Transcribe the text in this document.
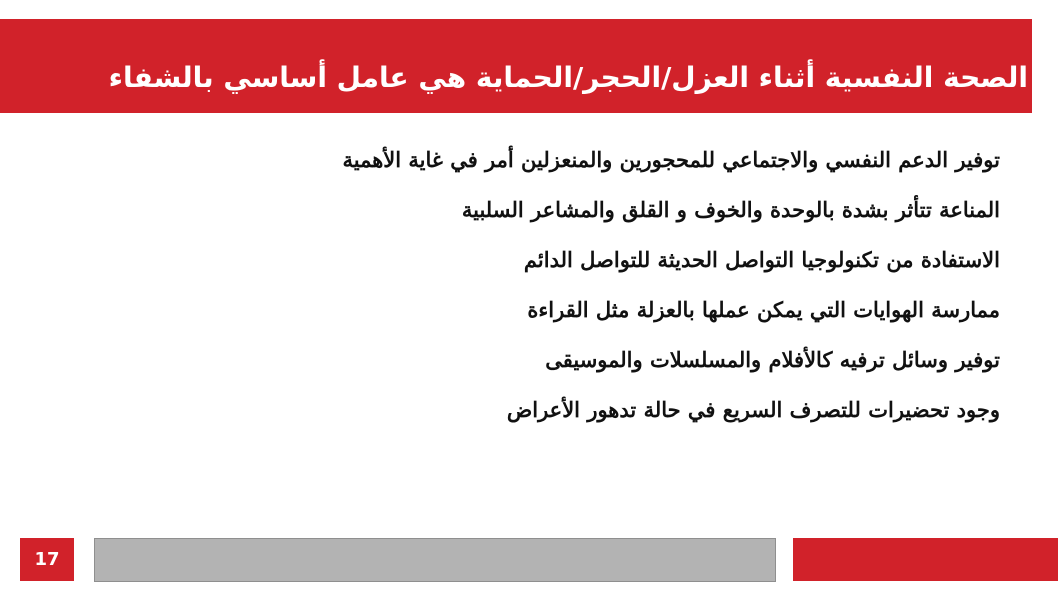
الصحة النفسية أثناء العزل/الحجر/الحماية هي عامل أساسي بالشفاء
توفير الدعم النفسي والاجتماعي للمحجورين والمنعزلين أمر في غاية الأهمية
المناعة تتأثر بشدة بالوحدة والخوف و القلق والمشاعر السلبية
الاستفادة من تكنولوجيا التواصل الحديثة للتواصل الدائم
ممارسة الهوايات التي يمكن عملها بالعزلة مثل القراءة
توفير وسائل ترفيه كالأفلام والمسلسلات والموسيقى
وجود تحضيرات للتصرف السريع في حالة تدهور الأعراض
17
